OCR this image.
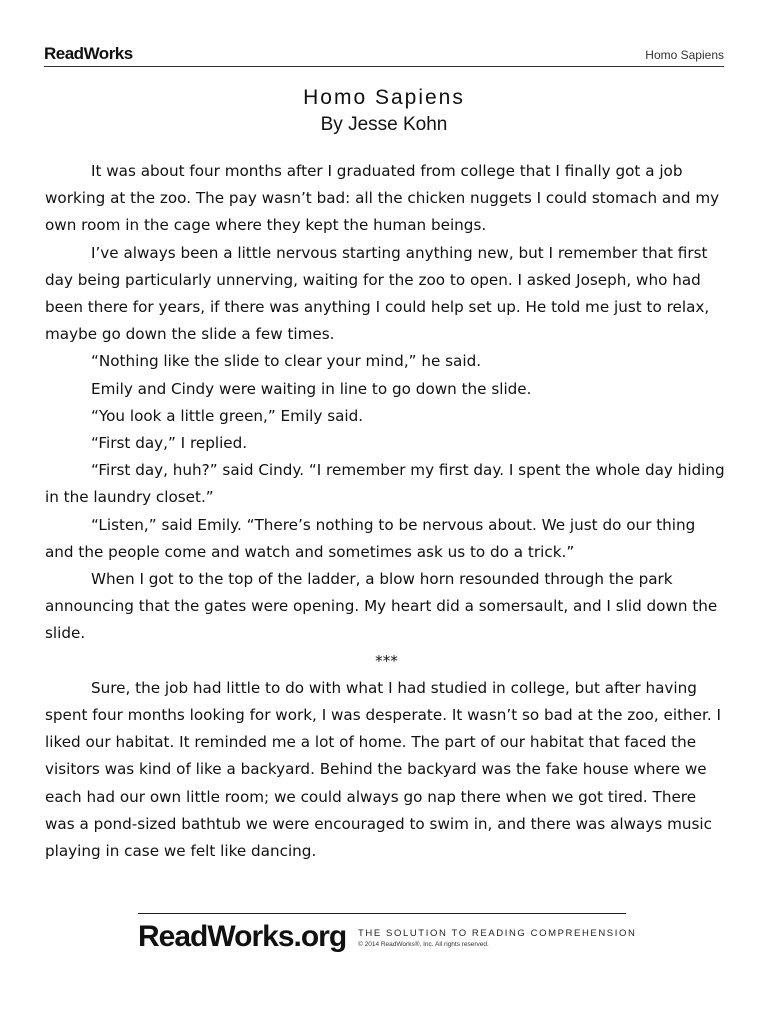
ReadWorks	Homo Sapiens
Homo Sapiens
By Jesse Kohn

It was about four months after I graduated from college that I finally got a job working at the zoo. The pay wasn’t bad: all the chicken nuggets I could stomach and my own room in the cage where they kept the human beings.

I’ve always been a little nervous starting anything new, but I remember that first day being particularly unnerving, waiting for the zoo to open. I asked Joseph, who had been there for years, if there was anything I could help set up. He told me just to relax, maybe go down the slide a few times.

“Nothing like the slide to clear your mind,” he said.

Emily and Cindy were waiting in line to go down the slide.

“You look a little green,” Emily said.

“First day,” I replied.

“First day, huh?” said Cindy. “I remember my first day. I spent the whole day hiding in the laundry closet.”

“Listen,” said Emily. “There’s nothing to be nervous about. We just do our thing and the people come and watch and sometimes ask us to do a trick.”

When I got to the top of the ladder, a blow horn resounded through the park announcing that the gates were opening. My heart did a somersault, and I slid down the slide.

***

Sure, the job had little to do with what I had studied in college, but after having spent four months looking for work, I was desperate. It wasn’t so bad at the zoo, either. I liked our habitat. It reminded me a lot of home. The part of our habitat that faced the visitors was kind of like a backyard. Behind the backyard was the fake house where we each had our own little room; we could always go nap there when we got tired. There was a pond-sized bathtub we were encouraged to swim in, and there was always music playing in case we felt like dancing.

ReadWorks.org THE SOLUTION TO READING COMPREHENSION
© 2014 ReadWorks®, Inc. All rights reserved.
